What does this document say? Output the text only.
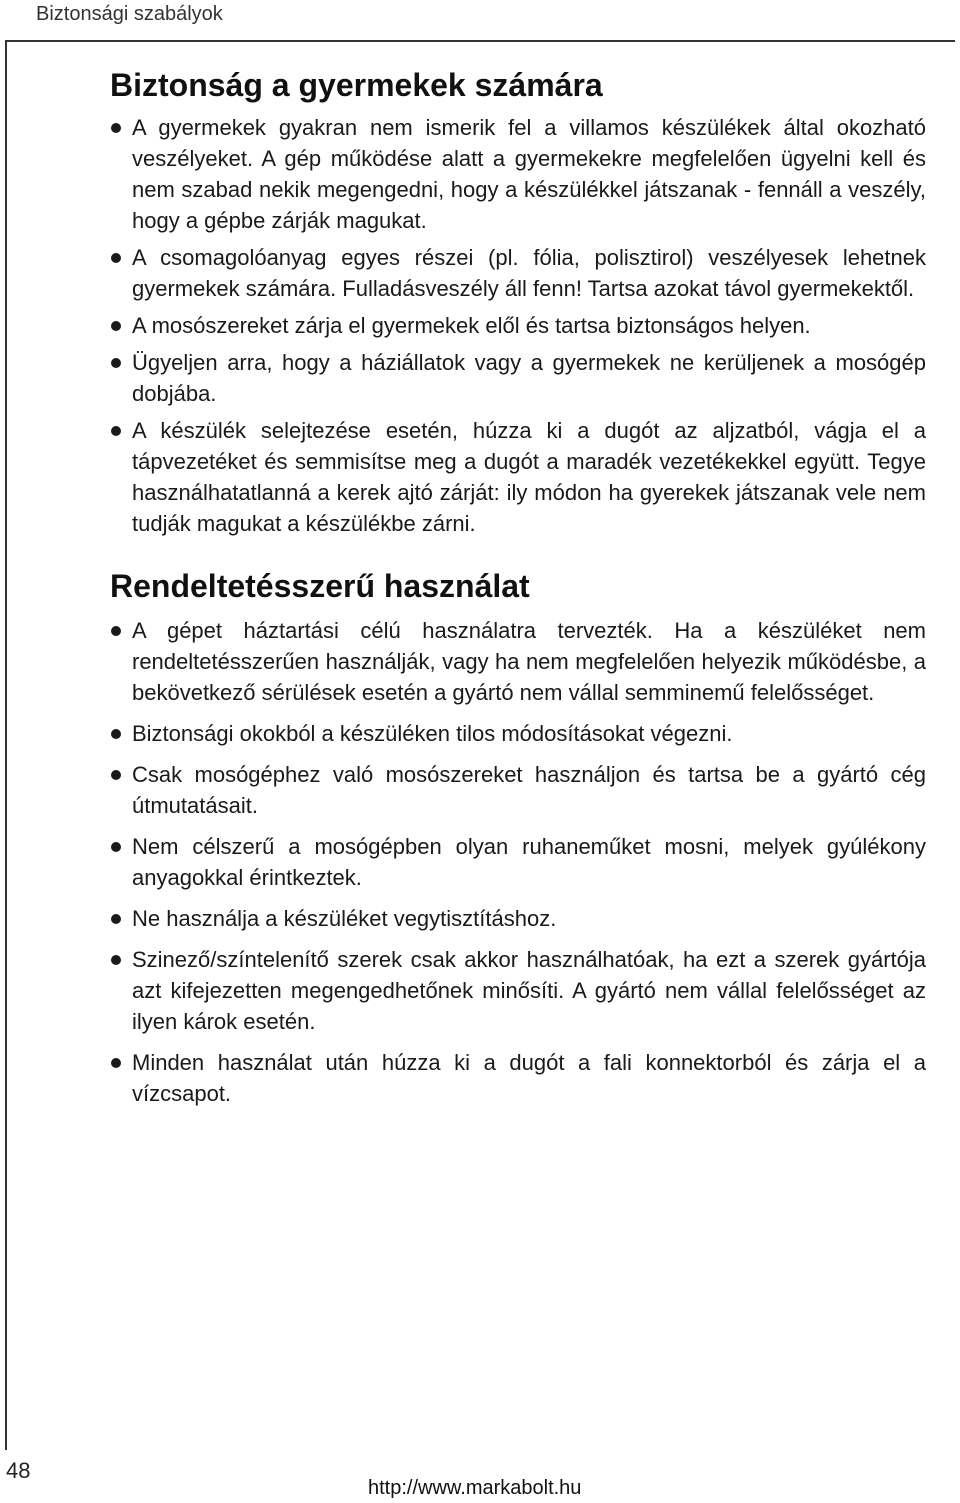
Biztonsági szabályok
Biztonság a gyermekek számára
A gyermekek gyakran nem ismerik fel a villamos készülékek által okozható veszélyeket. A gép működése alatt a gyermekekre megfelelően ügyelni kell és nem szabad nekik megengedni, hogy a készülékkel játszanak - fennáll a veszély, hogy a gépbe zárják magukat.
A csomagolóanyag egyes részei (pl. fólia, polisztirol) veszélyesek lehetnek gyermekek számára. Fulladásveszély áll fenn! Tartsa azokat távol gyermekektől.
A mosószereket zárja el gyermekek elől és tartsa biztonságos helyen.
Ügyeljen arra, hogy a háziállatok vagy a gyermekek ne kerüljenek a mosógép dobjába.
A készülék selejtezése esetén, húzza ki a dugót az aljzatból, vágja el a tápvezetéket és semmisítse meg a dugót a maradék vezetékekkel együtt. Tegye használhatatlanná a kerek ajtó zárját: ily módon ha gyerekek játszanak vele nem tudják magukat a készülékbe zárni.
Rendeltetésszerű használat
A gépet háztartási célú használatra tervezték. Ha a készüléket nem rendeltetésszerűen használják, vagy ha nem megfelelően helyezik működésbe, a bekövetkező sérülések esetén a gyártó nem vállal semminemű felelősséget.
Biztonsági okokból a készüléken tilos módosításokat végezni.
Csak mosógéphez való mosószereket használjon és tartsa be a gyártó cég útmutatásait.
Nem célszerű a mosógépben olyan ruhaneműket mosni, melyek gyúlékony anyagokkal érintkeztek.
Ne használja a készüléket vegytisztításhoz.
Szinező/színtelenítő szerek csak akkor használhatóak, ha ezt a szerek gyártója azt kifejezetten megengedhetőnek minősíti. A gyártó nem vállal felelősséget az ilyen károk esetén.
Minden használat után húzza ki a dugót a fali konnektorból és zárja el a vízcsapot.
48
http://www.markabolt.hu
